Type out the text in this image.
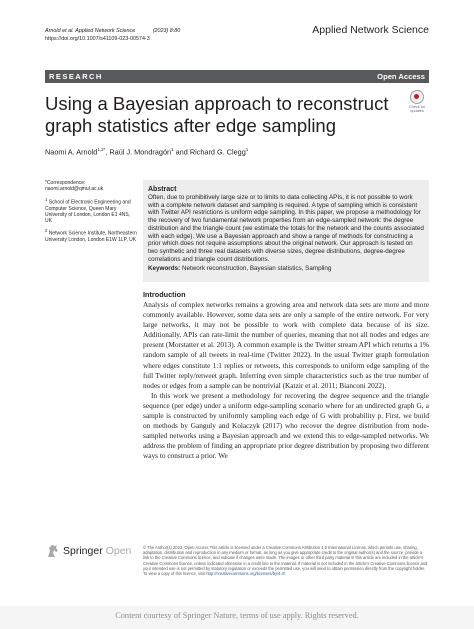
Arnold et al. Applied Network Science	(2023) 8:80
https://doi.org/10.1007/s41109-023-00574-3
Applied Network Science
RESEARCH	Open Access
Using a Bayesian approach to reconstruct graph statistics after edge sampling
Check for
updates
Naomi A. Arnold$^{1,2*}$, Raúl J. Mondragón$^1$ and Richard G. Clegg$^1$
*Correspondence:
naomi.arnold@qmul.ac.uk
$^1$ School of Electronic Engineering and Computer Science, Queen Mary University of London, London E1 4NS, UK
$^2$ Network Science Institute, Northeastern University London, London E1W 1LP, UK
Abstract
Often, due to prohibitively large size or to limits to data collecting APIs, it is not possible to work with a complete network dataset and sampling is required. A type of sampling which is consistent with Twitter API restrictions is uniform edge sampling. In this paper, we propose a methodology for the recovery of two fundamental network properties from an edge-sampled network: the degree distribution and the triangle count (we estimate the totals for the network and the counts associated with each edge). We use a Bayesian approach and show a range of methods for constructing a prior which does not require assumptions about the original network. Our approach is tested on two synthetic and three real datasets with diverse sizes, degree distributions, degree-degree correlations and triangle count distributions.
Keywords: Network reconstruction, Bayesian statistics, Sampling
Introduction

Analysis of complex networks remains a growing area and network data sets are more and more commonly available. However, some data sets are only a sample of the entire network. For very large networks, it may not be possible to work with complete data because of its size. Additionally, APIs can rate-limit the number of queries, meaning that not all nodes and edges are present (Morstatter et al. 2013). A common example is the Twitter stream API which returns a 1% random sample of all tweets in real-time (Twitter 2022). In the usual Twitter graph formulation where edges constitute 1:1 replies or retweets, this corresponds to uniform edge sampling of the full Twitter reply/retweet graph. Inferring even simple characteristics such as the true number of nodes or edges from a sample can be nontrivial (Katzir et al. 2011; Bianconi 2022).

In this work we present a methodology for recovering the degree sequence and the triangle sequence (per edge) under a uniform edge-sampling scenario where for an undirected graph G, a sample is constructed by uniformly sampling each edge of G with probability p. First, we build on methods by Ganguly and Kolaczyk (2017) who recover the degree distribution from node-sampled networks using a Bayesian approach and we extend this to edge-sampled networks. We address the problem of finding an appropriate prior degree distribution by proposing two different ways to construct a prior. We

Springer Open	© The Author(s) 2023. Open Access This article is licensed under a Creative Commons Attribution 4.0 International License, which permits use, sharing, adaptation, distribution and reproduction in any medium or format, as long as you give appropriate credit to the original author(s) and the source, provide a link to the Creative Commons licence, and indicate if changes were made. The images or other third party material in this article are included in the article's Creative Commons licence, unless indicated otherwise in a credit line to the material. If material is not included in the article's Creative Commons licence and your intended use is not permitted by statutory regulation or exceeds the permitted use, you will need to obtain permission directly from the copyright holder. To view a copy of this licence, visit http://creativecommons.org/licenses/by/4.0/.
Content courtesy of Springer Nature, terms of use apply. Rights reserved.
